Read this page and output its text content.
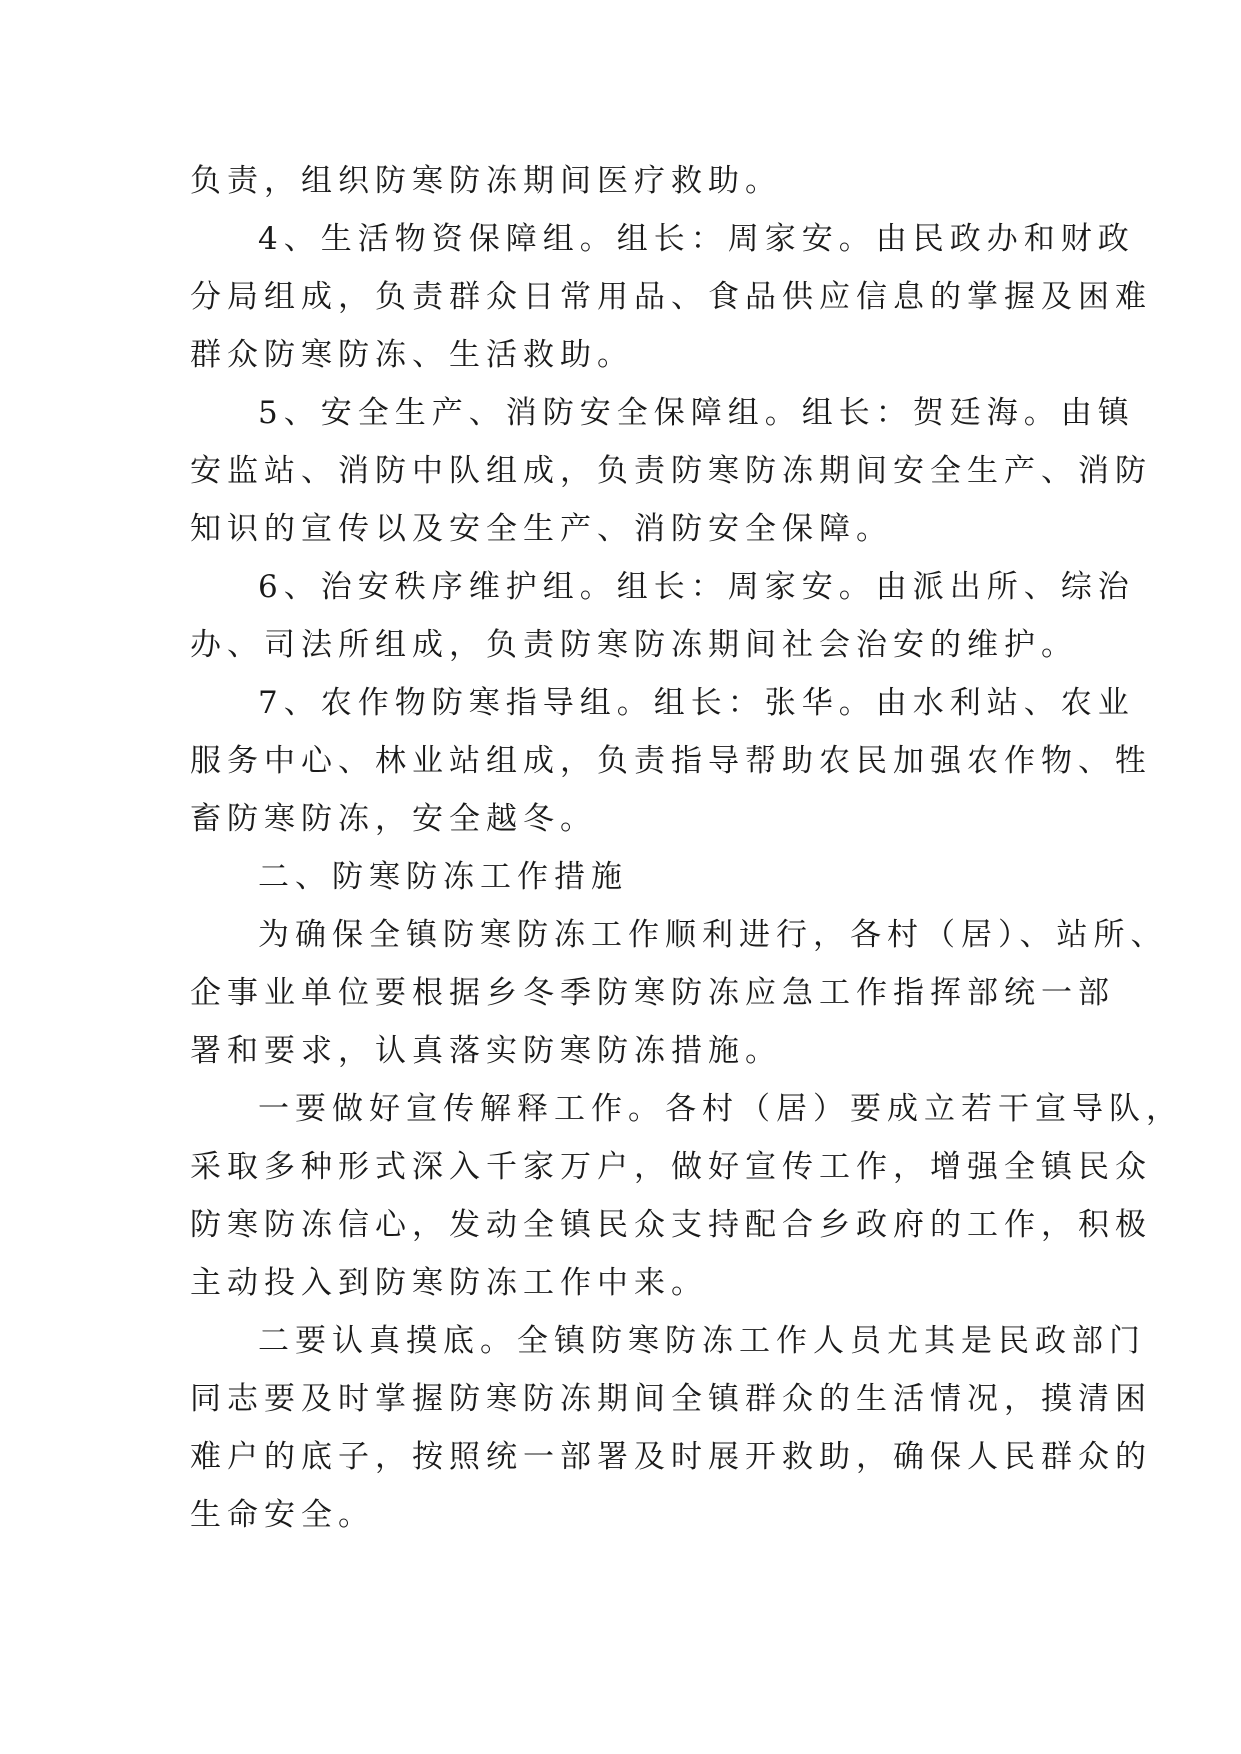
负责，组织防寒防冻期间医疗救助。
4、生活物资保障组。组长：周家安。由民政办和财政
分局组成，负责群众日常用品、食品供应信息的掌握及困难
群众防寒防冻、生活救助。
5、安全生产、消防安全保障组。组长：贺廷海。由镇
安监站、消防中队组成，负责防寒防冻期间安全生产、消防
知识的宣传以及安全生产、消防安全保障。
6、治安秩序维护组。组长：周家安。由派出所、综治
办、司法所组成，负责防寒防冻期间社会治安的维护。
7、农作物防寒指导组。组长：张华。由水利站、农业
服务中心、林业站组成，负责指导帮助农民加强农作物、牲
畜防寒防冻，安全越冬。
二、防寒防冻工作措施
为确保全镇防寒防冻工作顺利进行，各村（居）、站所、
企事业单位要根据乡冬季防寒防冻应急工作指挥部统一部
署和要求，认真落实防寒防冻措施。
一要做好宣传解释工作。各村（居）要成立若干宣导队，
采取多种形式深入千家万户，做好宣传工作，增强全镇民众
防寒防冻信心，发动全镇民众支持配合乡政府的工作，积极
主动投入到防寒防冻工作中来。
二要认真摸底。全镇防寒防冻工作人员尤其是民政部门
同志要及时掌握防寒防冻期间全镇群众的生活情况，摸清困
难户的底子，按照统一部署及时展开救助，确保人民群众的
生命安全。
